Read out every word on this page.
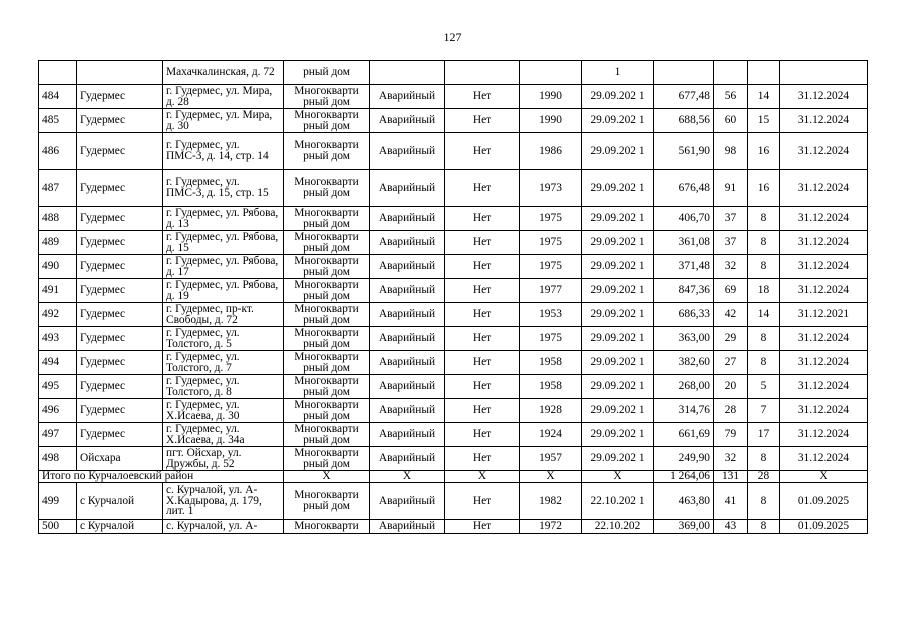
127
		Махачкалинская, д. 72	рный дом				1				
484	Гудермес	г. Гудермес, ул. Мира, д. 28	Многокварти рный дом	Аварийный	Нет	1990	29.09.202 1	677,48	56	14	31.12.2024
485	Гудермес	г. Гудермес, ул. Мира, д. 30	Многокварти рный дом	Аварийный	Нет	1990	29.09.202 1	688,56	60	15	31.12.2024
486	Гудермес	г. Гудермес, ул. ПМС-3, д. 14, стр. 14	Многокварти рный дом	Аварийный	Нет	1986	29.09.202 1	561,90	98	16	31.12.2024
487	Гудермес	г. Гудермес, ул. ПМС-3, д. 15, стр. 15	Многокварти рный дом	Аварийный	Нет	1973	29.09.202 1	676,48	91	16	31.12.2024
488	Гудермес	г. Гудермес, ул. Рябова, д. 13	Многокварти рный дом	Аварийный	Нет	1975	29.09.202 1	406,70	37	8	31.12.2024
489	Гудермес	г. Гудермес, ул. Рябова, д. 15	Многокварти рный дом	Аварийный	Нет	1975	29.09.202 1	361,08	37	8	31.12.2024
490	Гудермес	г. Гудермес, ул. Рябова, д. 17	Многокварти рный дом	Аварийный	Нет	1975	29.09.202 1	371,48	32	8	31.12.2024
491	Гудермес	г. Гудермес, ул. Рябова, д. 19	Многокварти рный дом	Аварийный	Нет	1977	29.09.202 1	847,36	69	18	31.12.2024
492	Гудермес	г. Гудермес, пр-кт. Свободы, д. 72	Многокварти рный дом	Аварийный	Нет	1953	29.09.202 1	686,33	42	14	31.12.2021
493	Гудермес	г. Гудермес, ул. Толстого, д. 5	Многокварти рный дом	Аварийный	Нет	1975	29.09.202 1	363,00	29	8	31.12.2024
494	Гудермес	г. Гудермес, ул. Толстого, д. 7	Многокварти рный дом	Аварийный	Нет	1958	29.09.202 1	382,60	27	8	31.12.2024
495	Гудермес	г. Гудермес, ул. Толстого, д. 8	Многокварти рный дом	Аварийный	Нет	1958	29.09.202 1	268,00	20	5	31.12.2024
496	Гудермес	г. Гудермес, ул. Х.Исаева, д. 30	Многокварти рный дом	Аварийный	Нет	1928	29.09.202 1	314,76	28	7	31.12.2024
497	Гудермес	г. Гудермес, ул. Х.Исаева, д. 34а	Многокварти рный дом	Аварийный	Нет	1924	29.09.202 1	661,69	79	17	31.12.2024
498	Ойсхара	пгт. Ойсхар, ул. Дружбы, д. 52	Многокварти рный дом	Аварийный	Нет	1957	29.09.202 1	249,90	32	8	31.12.2024
Итого по Курчалоевский район			X	X	X	X	X	1 264,06	131	28	X
499	с Курчалой	с. Курчалой, ул. А-Х.Кадырова, д. 179, лит. 1	Многокварти рный дом	Аварийный	Нет	1982	22.10.202 1	463,80	41	8	01.09.2025
500	с Курчалой	с. Курчалой, ул. А-	Многокварти	Аварийный	Нет	1972	22.10.202	369,00	43	8	01.09.2025
